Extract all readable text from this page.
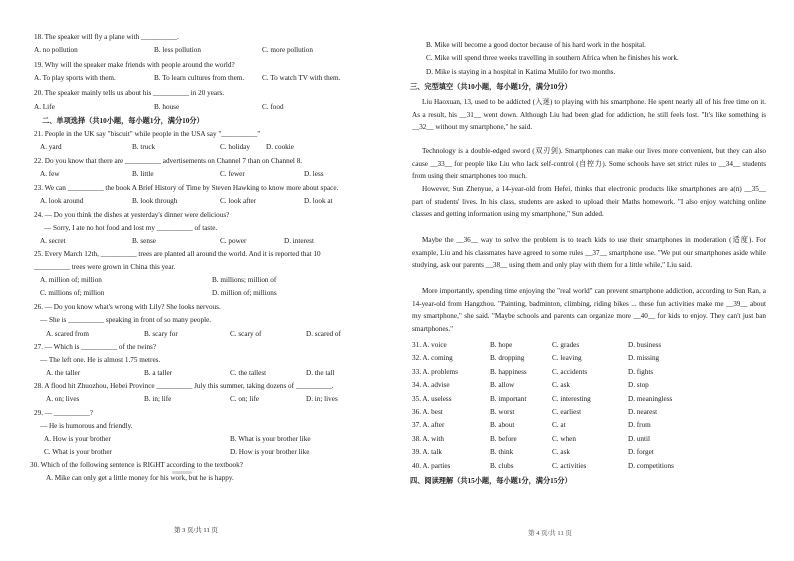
18. The speaker will fly a plane with __________.
A. no pollution	B. less pollution	C. more pollution
19. Why will the speaker make friends with people around the world?
A. To play sports with them.	B. To learn cultures from them. C. To watch TV with them.
20. The speaker mainly tells us about his __________ in 20 years.
A. Life	B. house	C. food
二、单项选择（共10小题，每小题1分，满分10分）
21. People in the UK say "biscuit" while people in the USA say "__________"
A. yard	B. truck	C. holiday D. cookie
22. Do you know that there are __________ advertisements on Channel 7 than on Channel 8.
A. few	B. little	C. fewer	D. less
23. We can __________ the book A Brief History of Time by Steven Hawking to know more about space.
A. look around	B. look through	C. look after	D. look at
24. — Do you think the dishes at yesterday's dinner were delicious?
— Sorry, I ate no hot food and lost my __________ of taste.
A. secret	B. sense	C. power	D. interest
25. Every March 12th, __________ trees are planted all around the world. And it is reported that 10
__________ trees were grown in China this year.
A. million of; million	B. millions; million of
C. millions of; million	D. million of; millions
26. — Do you know what's wrong with Lily? She looks nervous.
— She is __________ speaking in front of so many people.
A. scared from	B. scary for	C. scary of	D. scared of
27. — Which is __________ of the twins?
— The left one. He is almost 1.75 metres.
A. the taller	B. a taller	C. the tallest	D. the tall
28. A flood hit Zhuozhou, Hebei Province __________ July this summer, taking dozens of __________.
A. on; lives	B. in; life	C. on; life	D. in; lives
29. — __________?
— He is humorous and friendly.
A. How is your brother	B. What is your brother like
C. What is your brother	D. How is your brother like
30. Which of the following sentence is RIGHT according to the textbook?
A. Mike can only get a little money for his work, but he is happy.
B. Mike will become a good doctor because of his hard work in the hospital.
C. Mike will spend three weeks travelling in southern Africa when he finishes his work.
D. Mike is staying in a hospital in Katima Mulilo for two months.
三、完型填空（共10小题，每小题1分，满分10分）
Liu Haoxuan, 13, used to be addicted (入迷) to playing with his smartphone. He spent nearly all of his free time on it. As a result, his __31__ went down. Although Liu had been glad for addiction, he still feels lost. "It's like something is __32__ without my smartphone," he said.
Technology is a double-edged sword (双刃剑). Smartphones can make our lives more convenient, but they can also cause __33__ for people like Liu who lack self-control (自控力). Some schools have set strict rules to __34__ students from using their smartphones too much.
However, Sun Zhenyue, a 14-year-old from Hefei, thinks that electronic products like smartphones are a(n) __35__ part of students' lives. In his class, students are asked to upload their Maths homework. "I also enjoy watching online classes and getting information using my smartphone," Sun added.
Maybe the __36__ way to solve the problem is to teach kids to use their smartphones in moderation (适度). For example, Liu and his classmates have agreed to some rules __37__ smartphone use. "We put our smartphones aside while studying, ask our parents __38__ using them and only play with them for a little while," Liu said.
More importantly, spending time enjoying the "real world" can prevent smartphone addiction, according to Sun Ran, a 14-year-old from Hangzhou. "Painting, badminton, climbing, riding bikes ... these fun activities make me __39__ about my smartphone," she said. "Maybe schools and parents can organize more __40__ for kids to enjoy. They can't just ban smartphones."
31. A. voice	B. hope	C. grades	D. business
32. A. coming	B. dropping	C. leaving	D. missing
33. A. problems	B. happiness	C. accidents	D. fights
34. A. advise	B. allow	C. ask	D. stop
35. A. useless	B. important	C. interesting	D. meaningless
36. A. best	B. worst	C. earliest	D. nearest
37. A. after	B. about	C. at	D. from
38. A. with	B. before	C. when	D. until
39. A. talk	B. think	C. ask	D. forget
40. A. parties	B. clubs	C. activities	D. competitions
四、阅读理解（共15小题，每小题1分，满分15分）
第 3 页/共 11 页	第 4 页/共 11 页
